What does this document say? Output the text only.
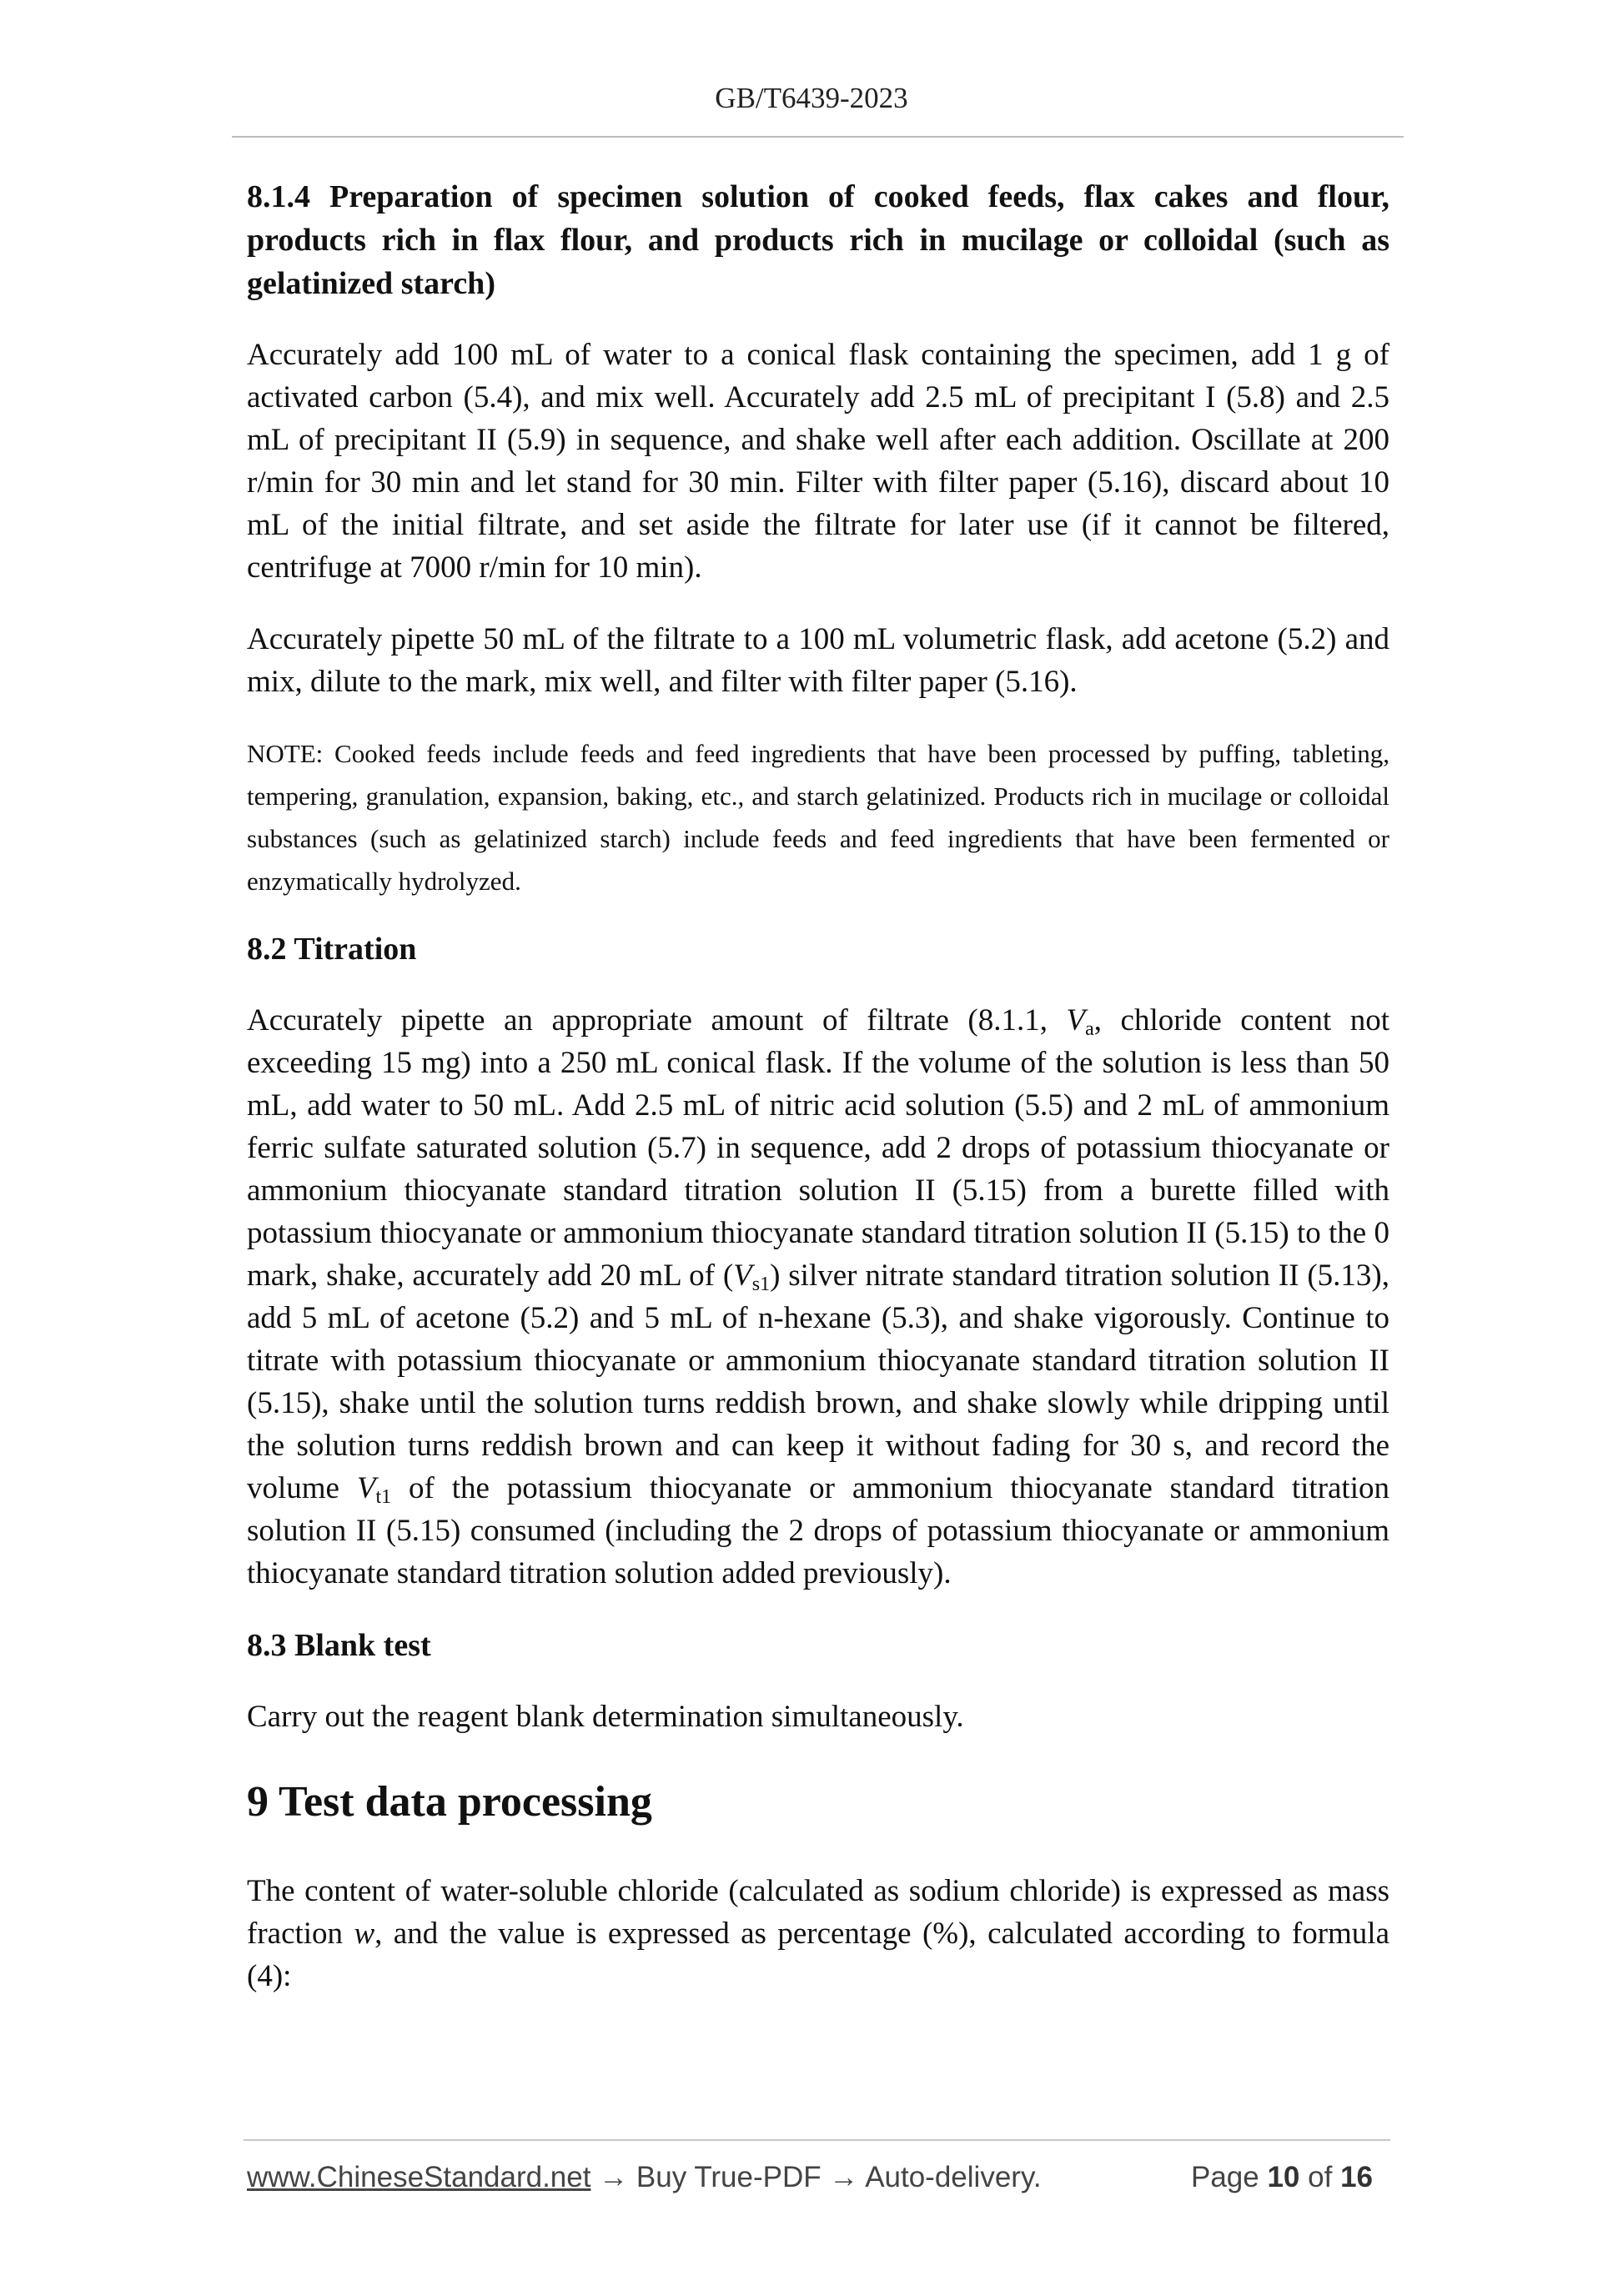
GB/T6439-2023
8.1.4 Preparation of specimen solution of cooked feeds, flax cakes and flour, products rich in flax flour, and products rich in mucilage or colloidal (such as gelatinized starch)
Accurately add 100 mL of water to a conical flask containing the specimen, add 1 g of activated carbon (5.4), and mix well. Accurately add 2.5 mL of precipitant I (5.8) and 2.5 mL of precipitant II (5.9) in sequence, and shake well after each addition. Oscillate at 200 r/min for 30 min and let stand for 30 min. Filter with filter paper (5.16), discard about 10 mL of the initial filtrate, and set aside the filtrate for later use (if it cannot be filtered, centrifuge at 7000 r/min for 10 min).
Accurately pipette 50 mL of the filtrate to a 100 mL volumetric flask, add acetone (5.2) and mix, dilute to the mark, mix well, and filter with filter paper (5.16).
NOTE: Cooked feeds include feeds and feed ingredients that have been processed by puffing, tableting, tempering, granulation, expansion, baking, etc., and starch gelatinized. Products rich in mucilage or colloidal substances (such as gelatinized starch) include feeds and feed ingredients that have been fermented or enzymatically hydrolyzed.
8.2 Titration
Accurately pipette an appropriate amount of filtrate (8.1.1, $V_a$, chloride content not exceeding 15 mg) into a 250 mL conical flask. If the volume of the solution is less than 50 mL, add water to 50 mL. Add 2.5 mL of nitric acid solution (5.5) and 2 mL of ammonium ferric sulfate saturated solution (5.7) in sequence, add 2 drops of potassium thiocyanate or ammonium thiocyanate standard titration solution II (5.15) from a burette filled with potassium thiocyanate or ammonium thiocyanate standard titration solution II (5.15) to the 0 mark, shake, accurately add 20 mL of $(V_{s1})$ silver nitrate standard titration solution II (5.13), add 5 mL of acetone (5.2) and 5 mL of n-hexane (5.3), and shake vigorously. Continue to titrate with potassium thiocyanate or ammonium thiocyanate standard titration solution II (5.15), shake until the solution turns reddish brown, and shake slowly while dripping until the solution turns reddish brown and can keep it without fading for 30 s, and record the volume $V_{t1}$ of the potassium thiocyanate or ammonium thiocyanate standard titration solution II (5.15) consumed (including the 2 drops of potassium thiocyanate or ammonium thiocyanate standard titration solution added previously).
8.3 Blank test
Carry out the reagent blank determination simultaneously.
9 Test data processing
The content of water-soluble chloride (calculated as sodium chloride) is expressed as mass fraction w, and the value is expressed as percentage (%), calculated according to formula (4):
www.ChineseStandard.net → Buy True-PDF → Auto-delivery.	Page 10 of 16
